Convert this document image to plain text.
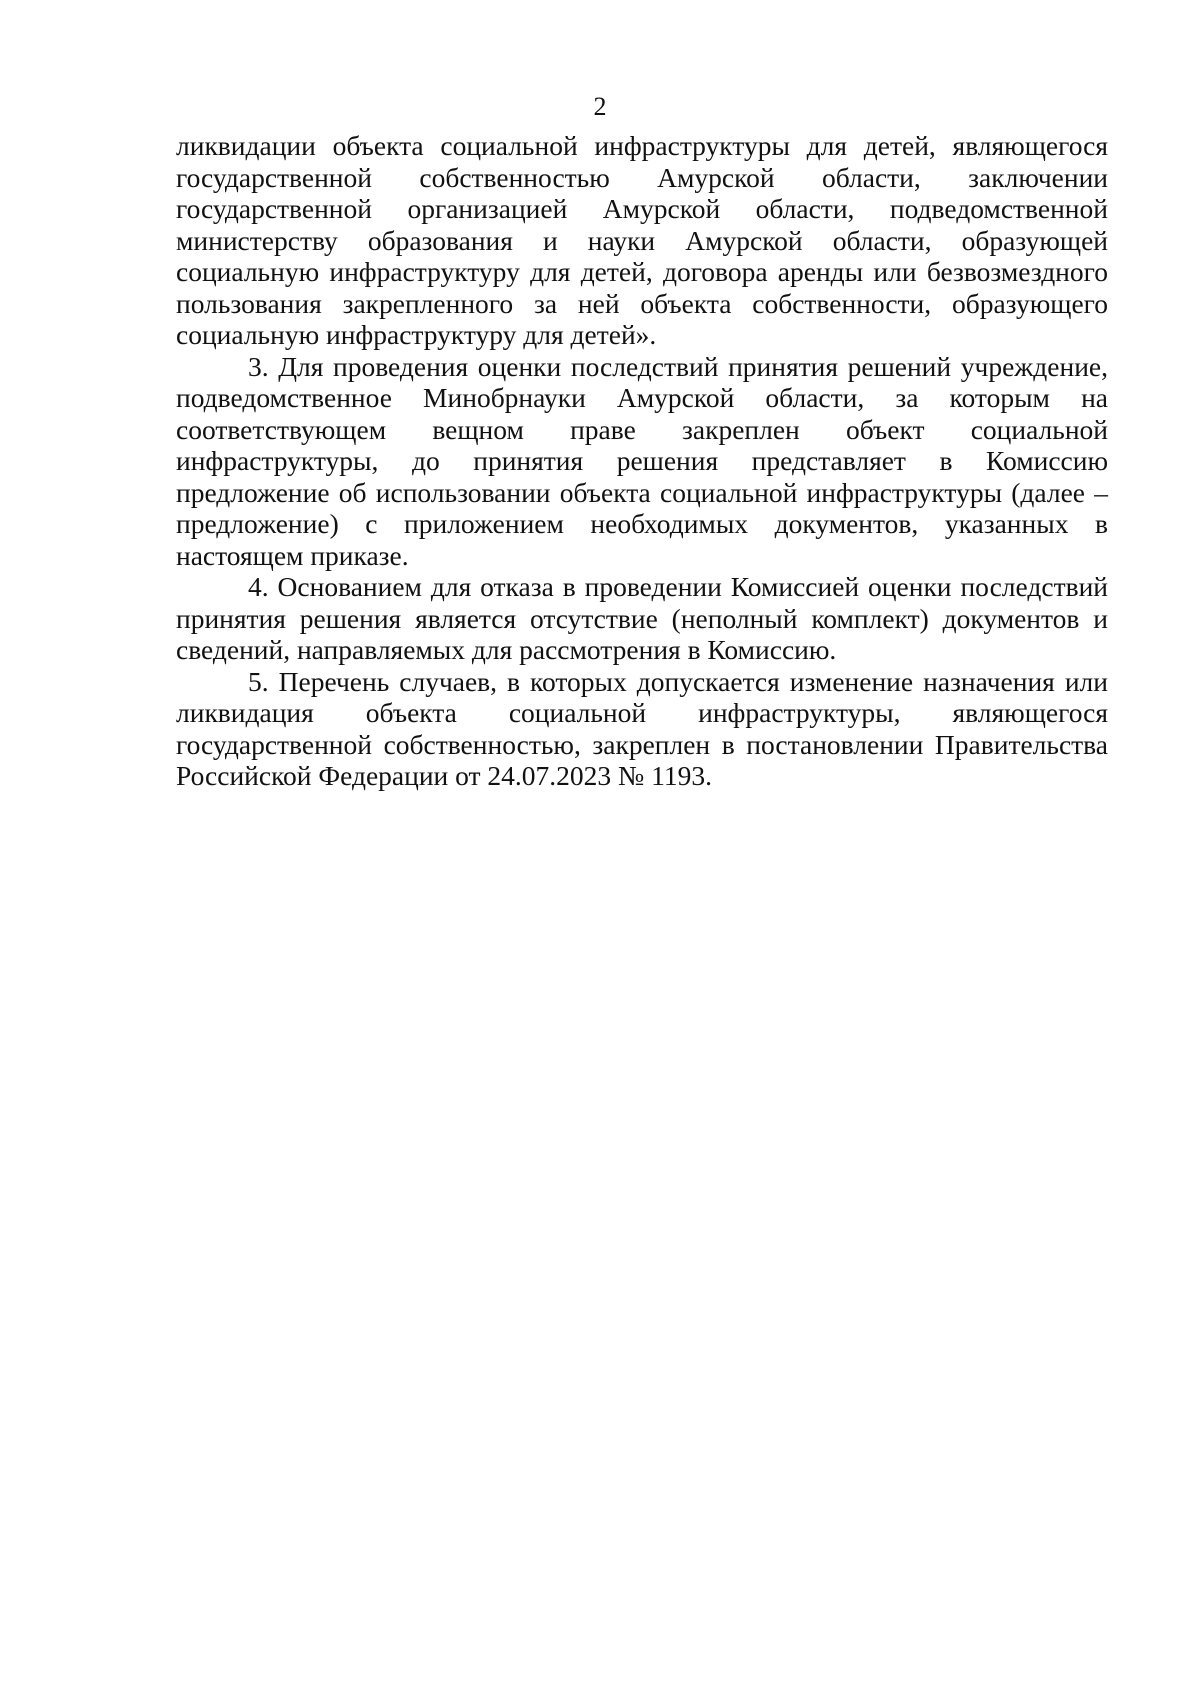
2

ликвидации объекта социальной инфраструктуры для детей, являющегося государственной собственностью Амурской области, заключении государственной организацией Амурской области, подведомственной министерству образования и науки Амурской области, образующей социальную инфраструктуру для детей, договора аренды или безвозмездного пользования закрепленного за ней объекта собственности, образующего социальную инфраструктуру для детей».

3. Для проведения оценки последствий принятия решений учреждение, подведомственное Минобрнауки Амурской области, за которым на соответствующем вещном праве закреплен объект социальной инфраструктуры, до принятия решения представляет в Комиссию предложение об использовании объекта социальной инфраструктуры (далее – предложение) с приложением необходимых документов, указанных в настоящем приказе.

4. Основанием для отказа в проведении Комиссией оценки последствий принятия решения является отсутствие (неполный комплект) документов и сведений, направляемых для рассмотрения в Комиссию.

5. Перечень случаев, в которых допускается изменение назначения или ликвидация объекта социальной инфраструктуры, являющегося государственной собственностью, закреплен в постановлении Правительства Российской Федерации от 24.07.2023 № 1193.
